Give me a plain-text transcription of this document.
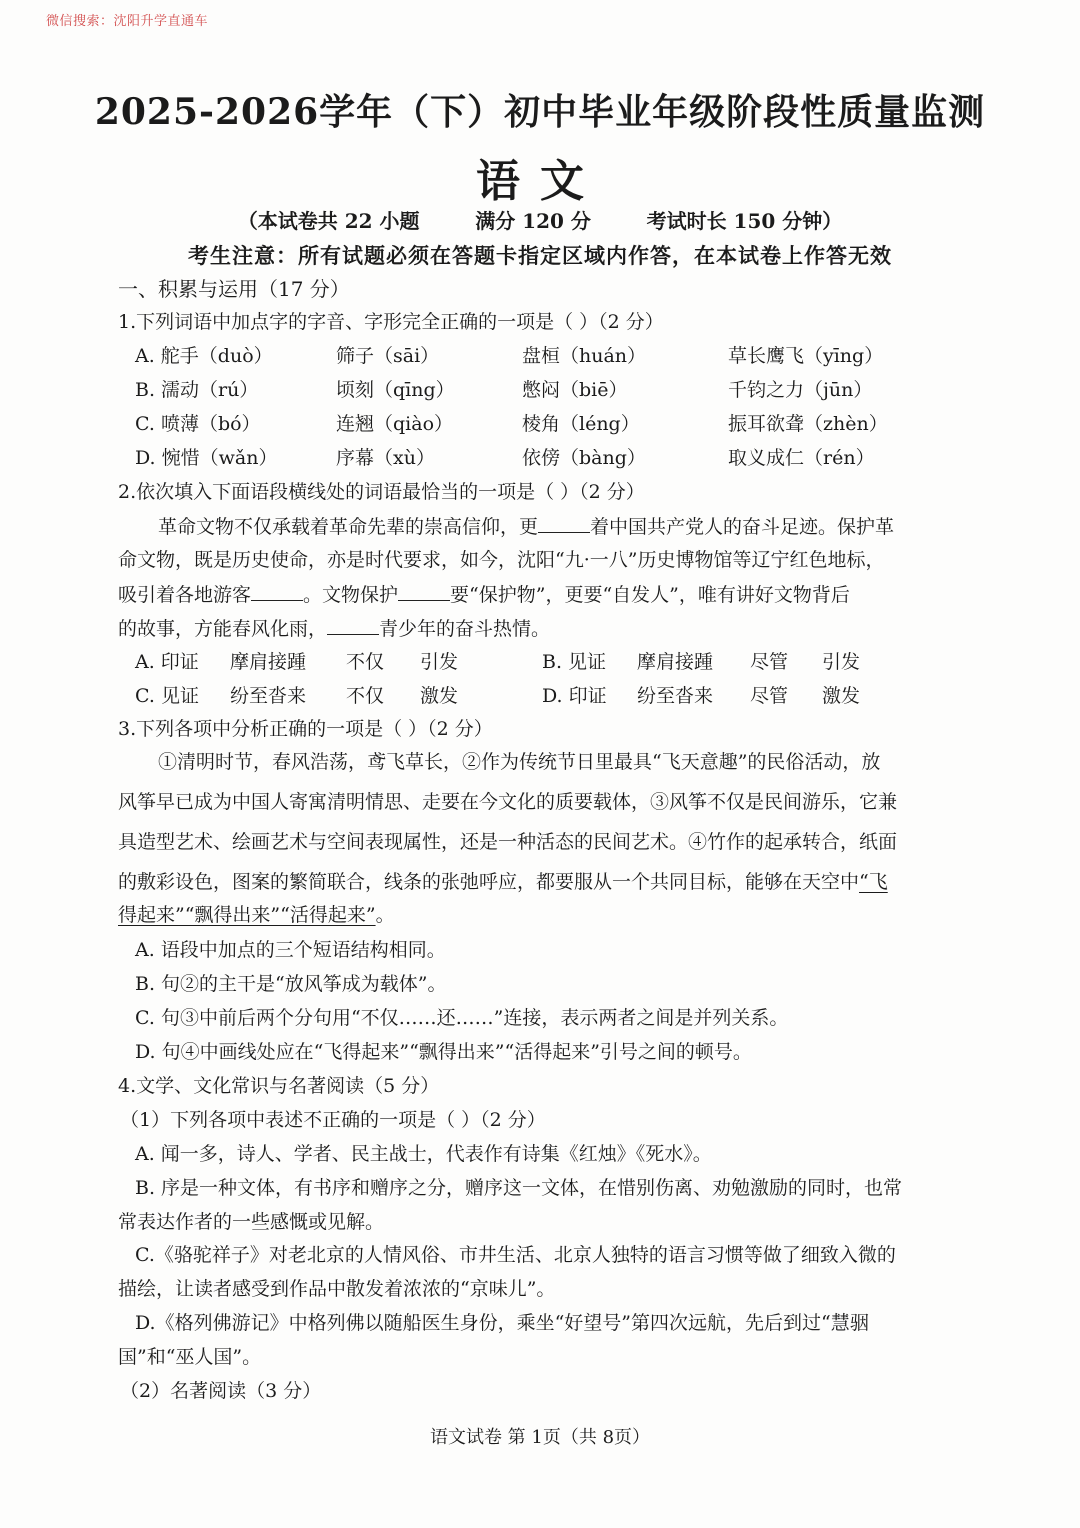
微信搜索：沈阳升学直通车
2025-2026学年（下）初中毕业年级阶段性质量监测
语文
（本试卷共 22 小题        满分 120 分        考试时长 150 分钟）
考生注意：所有试题必须在答题卡指定区域内作答，在本试卷上作答无效
一、积累与运用（17 分）
1.下列词语中加点字的字音、字形完全正确的一项是（ ）（2 分）
A. 舵手（duò）	筛子（sāi）	盘桓（huán）	草长鹰飞（yīng）
B. 濡动（rú）	顷刻（qīng）	憋闷（biē）	千钧之力（jūn）
C. 喷薄（bó）	连翘（qiào）	棱角（léng）	振耳欲聋（zhèn）
D. 惋惜（wǎn）	序幕（xù）	依傍（bàng）	取义成仁（rén）
2.依次填入下面语段横线处的词语最恰当的一项是（ ）（2 分）
革命文物不仅承载着革命先辈的崇高信仰，更	着中国共产党人的奋斗足迹。保护革
命文物，既是历史使命，亦是时代要求，如今，沈阳“九·一八”历史博物馆等辽宁红色地标，
吸引着各地游客	。文物保护	要“保护物”，更要“自发人”，唯有讲好文物背后
的故事，方能春风化雨，	青少年的奋斗热情。
A. 印证 摩肩接踵 不仅 引发	B. 见证 摩肩接踵 尽管 引发
C. 见证 纷至沓来 不仅 激发	D. 印证 纷至沓来 尽管 激发
3.下列各项中分析正确的一项是（ ）（2 分）
①清明时节，春风浩荡，鸢飞草长，②作为传统节日里最具“飞天意趣”的民俗活动，放
风筝早已成为中国人寄寓清明情思、走要在今文化的质要载体，③风筝不仅是民间游乐，它兼
具造型艺术、绘画艺术与空间表现属性，还是一种活态的民间艺术。④竹作的起承转合，纸面
的敷彩设色，图案的繁简联合，线条的张弛呼应，都要服从一个共同目标，能够在天空中“飞
得起来”“飘得出来”“活得起来”。
A. 语段中加点的三个短语结构相同。
B. 句②的主干是“放风筝成为载体”。
C. 句③中前后两个分句用“不仅……还……”连接，表示两者之间是并列关系。
D. 句④中画线处应在“飞得起来”“飘得出来”“活得起来”引号之间的顿号。
4.文学、文化常识与名著阅读（5 分）
（1）下列各项中表述不正确的一项是（ ）（2 分）
A. 闻一多，诗人、学者、民主战士，代表作有诗集《红烛》《死水》。
B. 序是一种文体，有书序和赠序之分，赠序这一文体，在惜别伤离、劝勉激励的同时，也常
常表达作者的一些感慨或见解。
C.《骆驼祥子》对老北京的人情风俗、市井生活、北京人独特的语言习惯等做了细致入微的
描绘，让读者感受到作品中散发着浓浓的“京味儿”。
D.《格列佛游记》中格列佛以随船医生身份，乘坐“好望号”第四次远航，先后到过“慧骃
国”和“巫人国”。
（2）名著阅读（3 分）
语文试卷 第 1页（共 8页）
